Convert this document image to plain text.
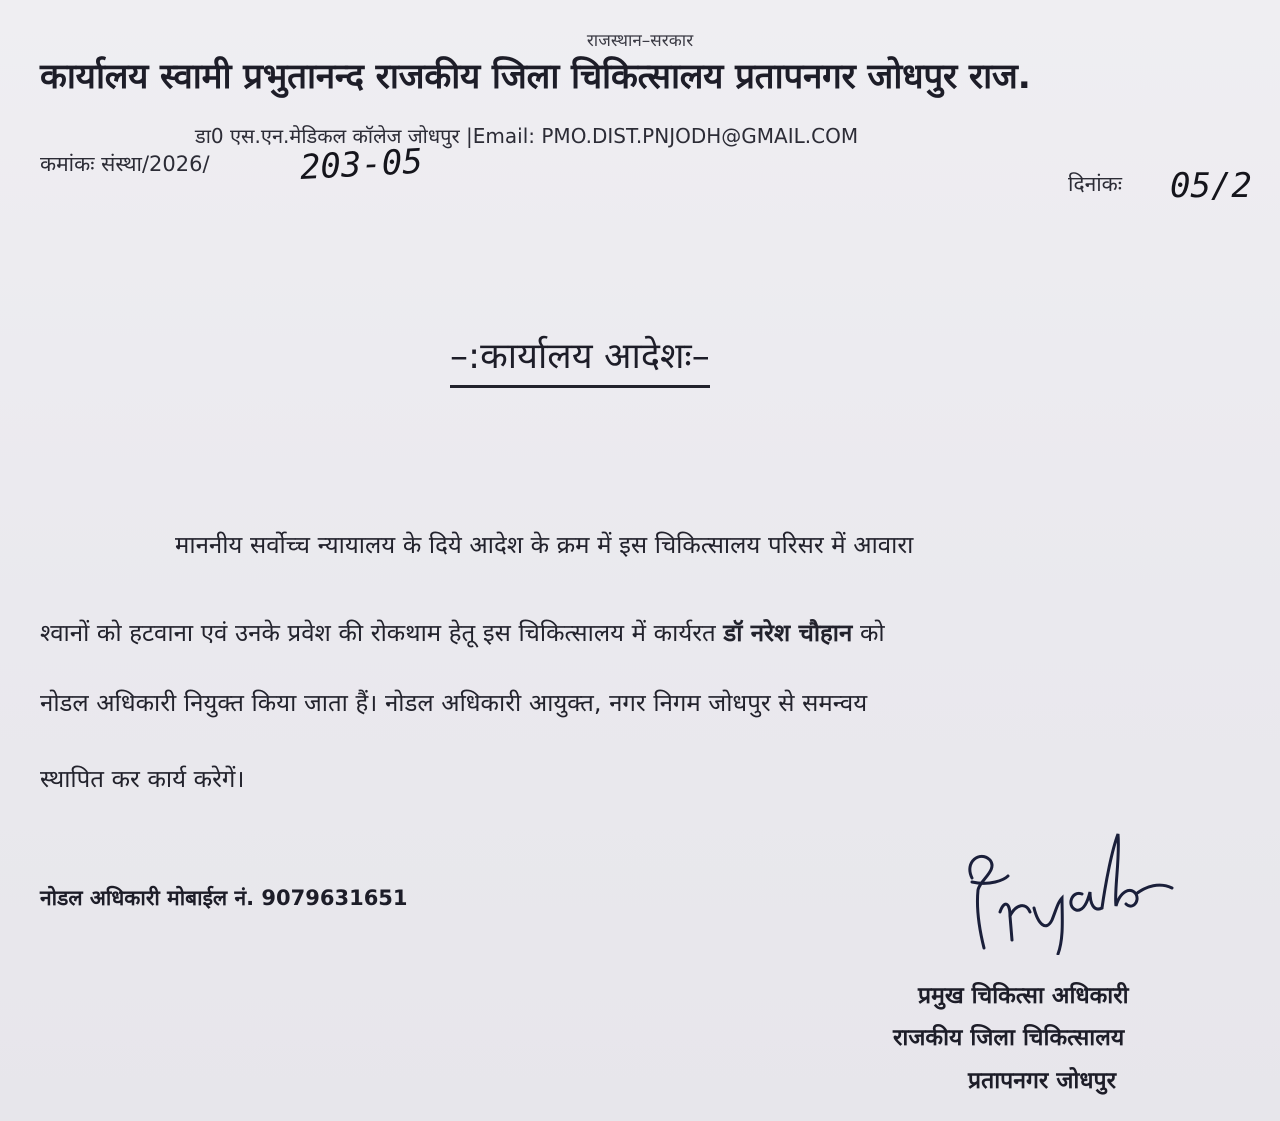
राजस्थान–सरकार
कार्यालय स्वामी प्रभुतानन्द राजकीय जिला चिकित्सालय प्रतापनगर जोधपुर राज.
डा0 एस.एन.मेडिकल कॉलेज जोधपुर |Email: PMO.DIST.PNJODH@GMAIL.COM
कमांकः संस्था/2026/	203-05	दिनांकः 05/2
–:कार्यालय आदेशः–
माननीय सर्वोच्च न्यायालय के दिये आदेश के क्रम में इस चिकित्सालय परिसर में आवारा
श्वानों को हटवाना एवं उनके प्रवेश की रोकथाम हेतू इस चिकित्सालय में कार्यरत डॉ नरेश चौहान को
नोडल अधिकारी नियुक्त किया जाता हैं। नोडल अधिकारी आयुक्त, नगर निगम जोधपुर से समन्वय
स्थापित कर कार्य करेगें।
नोडल अधिकारी मोबाईल नं. 9079631651
प्रमुख चिकित्सा अधिकारी
राजकीय जिला चिकित्सालय
प्रतापनगर जोधपुर
